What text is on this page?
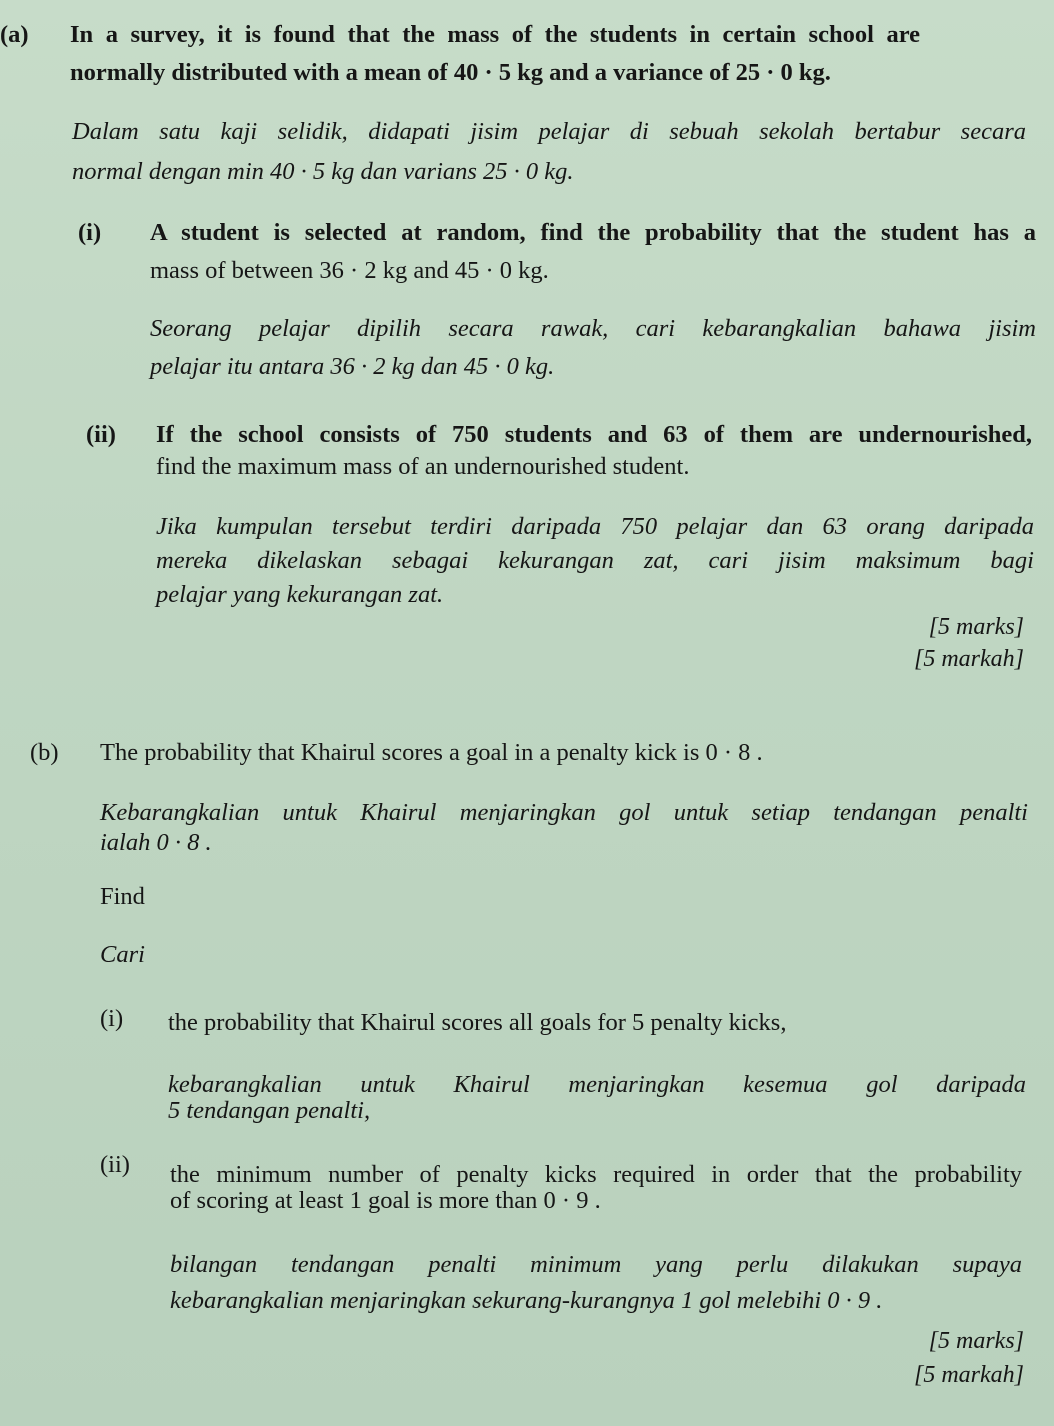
(a) In a survey, it is found that the mass of the students in certain school are
normally distributed with a mean of 40 · 5 kg and a variance of 25 · 0 kg.
Dalam satu kaji selidik, didapati jisim pelajar di sebuah sekolah bertabur secara
normal dengan min 40 · 5 kg dan varians 25 · 0 kg.
(i) A student is selected at random, find the probability that the student has a
mass of between 36 · 2 kg and 45 · 0 kg.
Seorang pelajar dipilih secara rawak, cari kebarangkalian bahawa jisim
pelajar itu antara 36 · 2 kg dan 45 · 0 kg.
(ii) If the school consists of 750 students and 63 of them are undernourished,
find the maximum mass of an undernourished student.
Jika kumpulan tersebut terdiri daripada 750 pelajar dan 63 orang daripada
mereka dikelaskan sebagai kekurangan zat, cari jisim maksimum bagi
pelajar yang kekurangan zat.
[5 marks]
[5 markah]
(b) The probability that Khairul scores a goal in a penalty kick is 0 · 8 .
Kebarangkalian untuk Khairul menjaringkan gol untuk setiap tendangan penalti
ialah 0 · 8 .
Find
Cari
(i) the probability that Khairul scores all goals for 5 penalty kicks,
kebarangkalian untuk Khairul menjaringkan kesemua gol daripada
5 tendangan penalti,
(ii) the minimum number of penalty kicks required in order that the probability
of scoring at least 1 goal is more than 0 · 9 .
bilangan tendangan penalti minimum yang perlu dilakukan supaya
kebarangkalian menjaringkan sekurang-kurangnya 1 gol melebihi 0 · 9 .
[5 marks]
[5 markah]
